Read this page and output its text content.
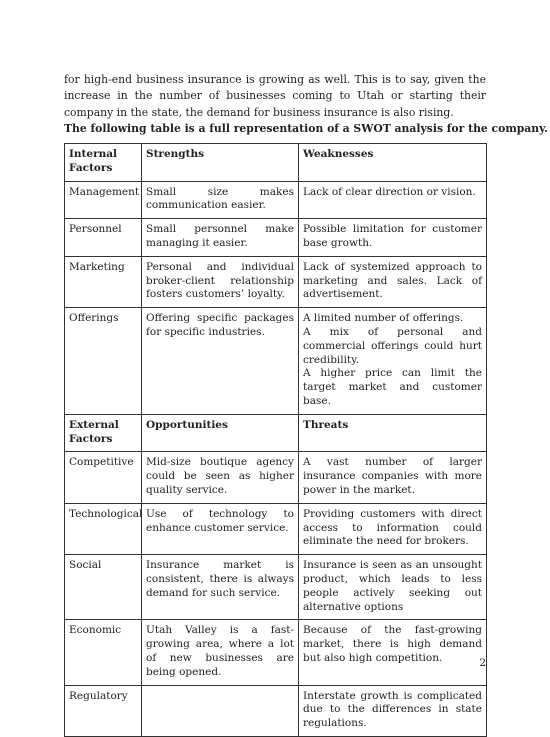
for high-end business insurance is growing as well. This is to say, given the increase in the number of businesses coming to Utah or starting their company in the state, the demand for business insurance is also rising.

The following table is a full representation of a SWOT analysis for the company.
Internal Factors	Strengths	Weaknesses
Management	Small size makes communication easier.	Lack of clear direction or vision.
Personnel	Small personnel make managing it easier.	Possible limitation for customer base growth.
Marketing	Personal and individual broker-client relationship fosters customers’ loyalty.	Lack of systemized approach to marketing and sales. Lack of advertisement.
Offerings	Offering specific packages for specific industries.	A limited number of offerings.
A mix of personal and commercial offerings could hurt credibility.
A higher price can limit the target market and customer base.
External Factors	Opportunities	Threats
Competitive	Mid-size boutique agency could be seen as higher quality service.	A vast number of larger insurance companies with more power in the market.
Technological	Use of technology to enhance customer service.	Providing customers with direct access to information could eliminate the need for brokers.
Social	Insurance market is consistent, there is always demand for such service.	Insurance is seen as an unsought product, which leads to less people actively seeking out alternative options
Economic	Utah Valley is a fast-growing area, where a lot of new businesses are being opened.	Because of the fast-growing market, there is high demand but also high competition.
Regulatory		Interstate growth is complicated due to the differences in state regulations.
2
